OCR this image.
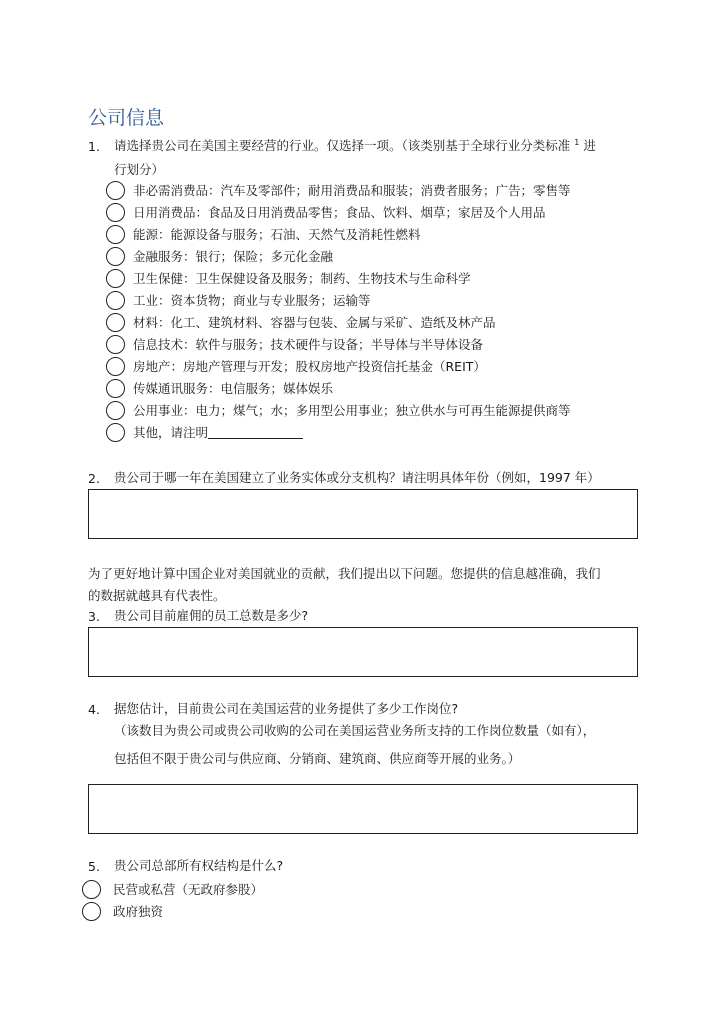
公司信息
1. 请选择贵公司在美国主要经营的行业。仅选择一项。（该类别基于全球行业分类标准 $^1$ 进
行划分）
非必需消费品：汽车及零部件；耐用消费品和服装；消费者服务；广告；零售等
日用消费品：食品及日用消费品零售；食品、饮料、烟草；家居及个人用品
能源：能源设备与服务；石油、天然气及消耗性燃料
金融服务：银行；保险；多元化金融
卫生保健：卫生保健设备及服务；制药、生物技术与生命科学
工业：资本货物；商业与专业服务；运输等
材料：化工、建筑材料、容器与包装、金属与采矿、造纸及林产品
信息技术：软件与服务；技术硬件与设备；半导体与半导体设备
房地产：房地产管理与开发；股权房地产投资信托基金（REIT）
传媒通讯服务：电信服务；媒体娱乐
公用事业：电力；煤气；水；多用型公用事业；独立供水与可再生能源提供商等
其他，请注明
2. 贵公司于哪一年在美国建立了业务实体或分支机构？请注明具体年份（例如，1997 年）
为了更好地计算中国企业对美国就业的贡献，我们提出以下问题。您提供的信息越准确，我们
的数据就越具有代表性。
3. 贵公司目前雇佣的员工总数是多少?
4. 据您估计，目前贵公司在美国运营的业务提供了多少工作岗位?
（该数目为贵公司或贵公司收购的公司在美国运营业务所支持的工作岗位数量（如有），
包括但不限于贵公司与供应商、分销商、建筑商、供应商等开展的业务。）
5. 贵公司总部所有权结构是什么?
民营或私营（无政府参股）
政府独资
